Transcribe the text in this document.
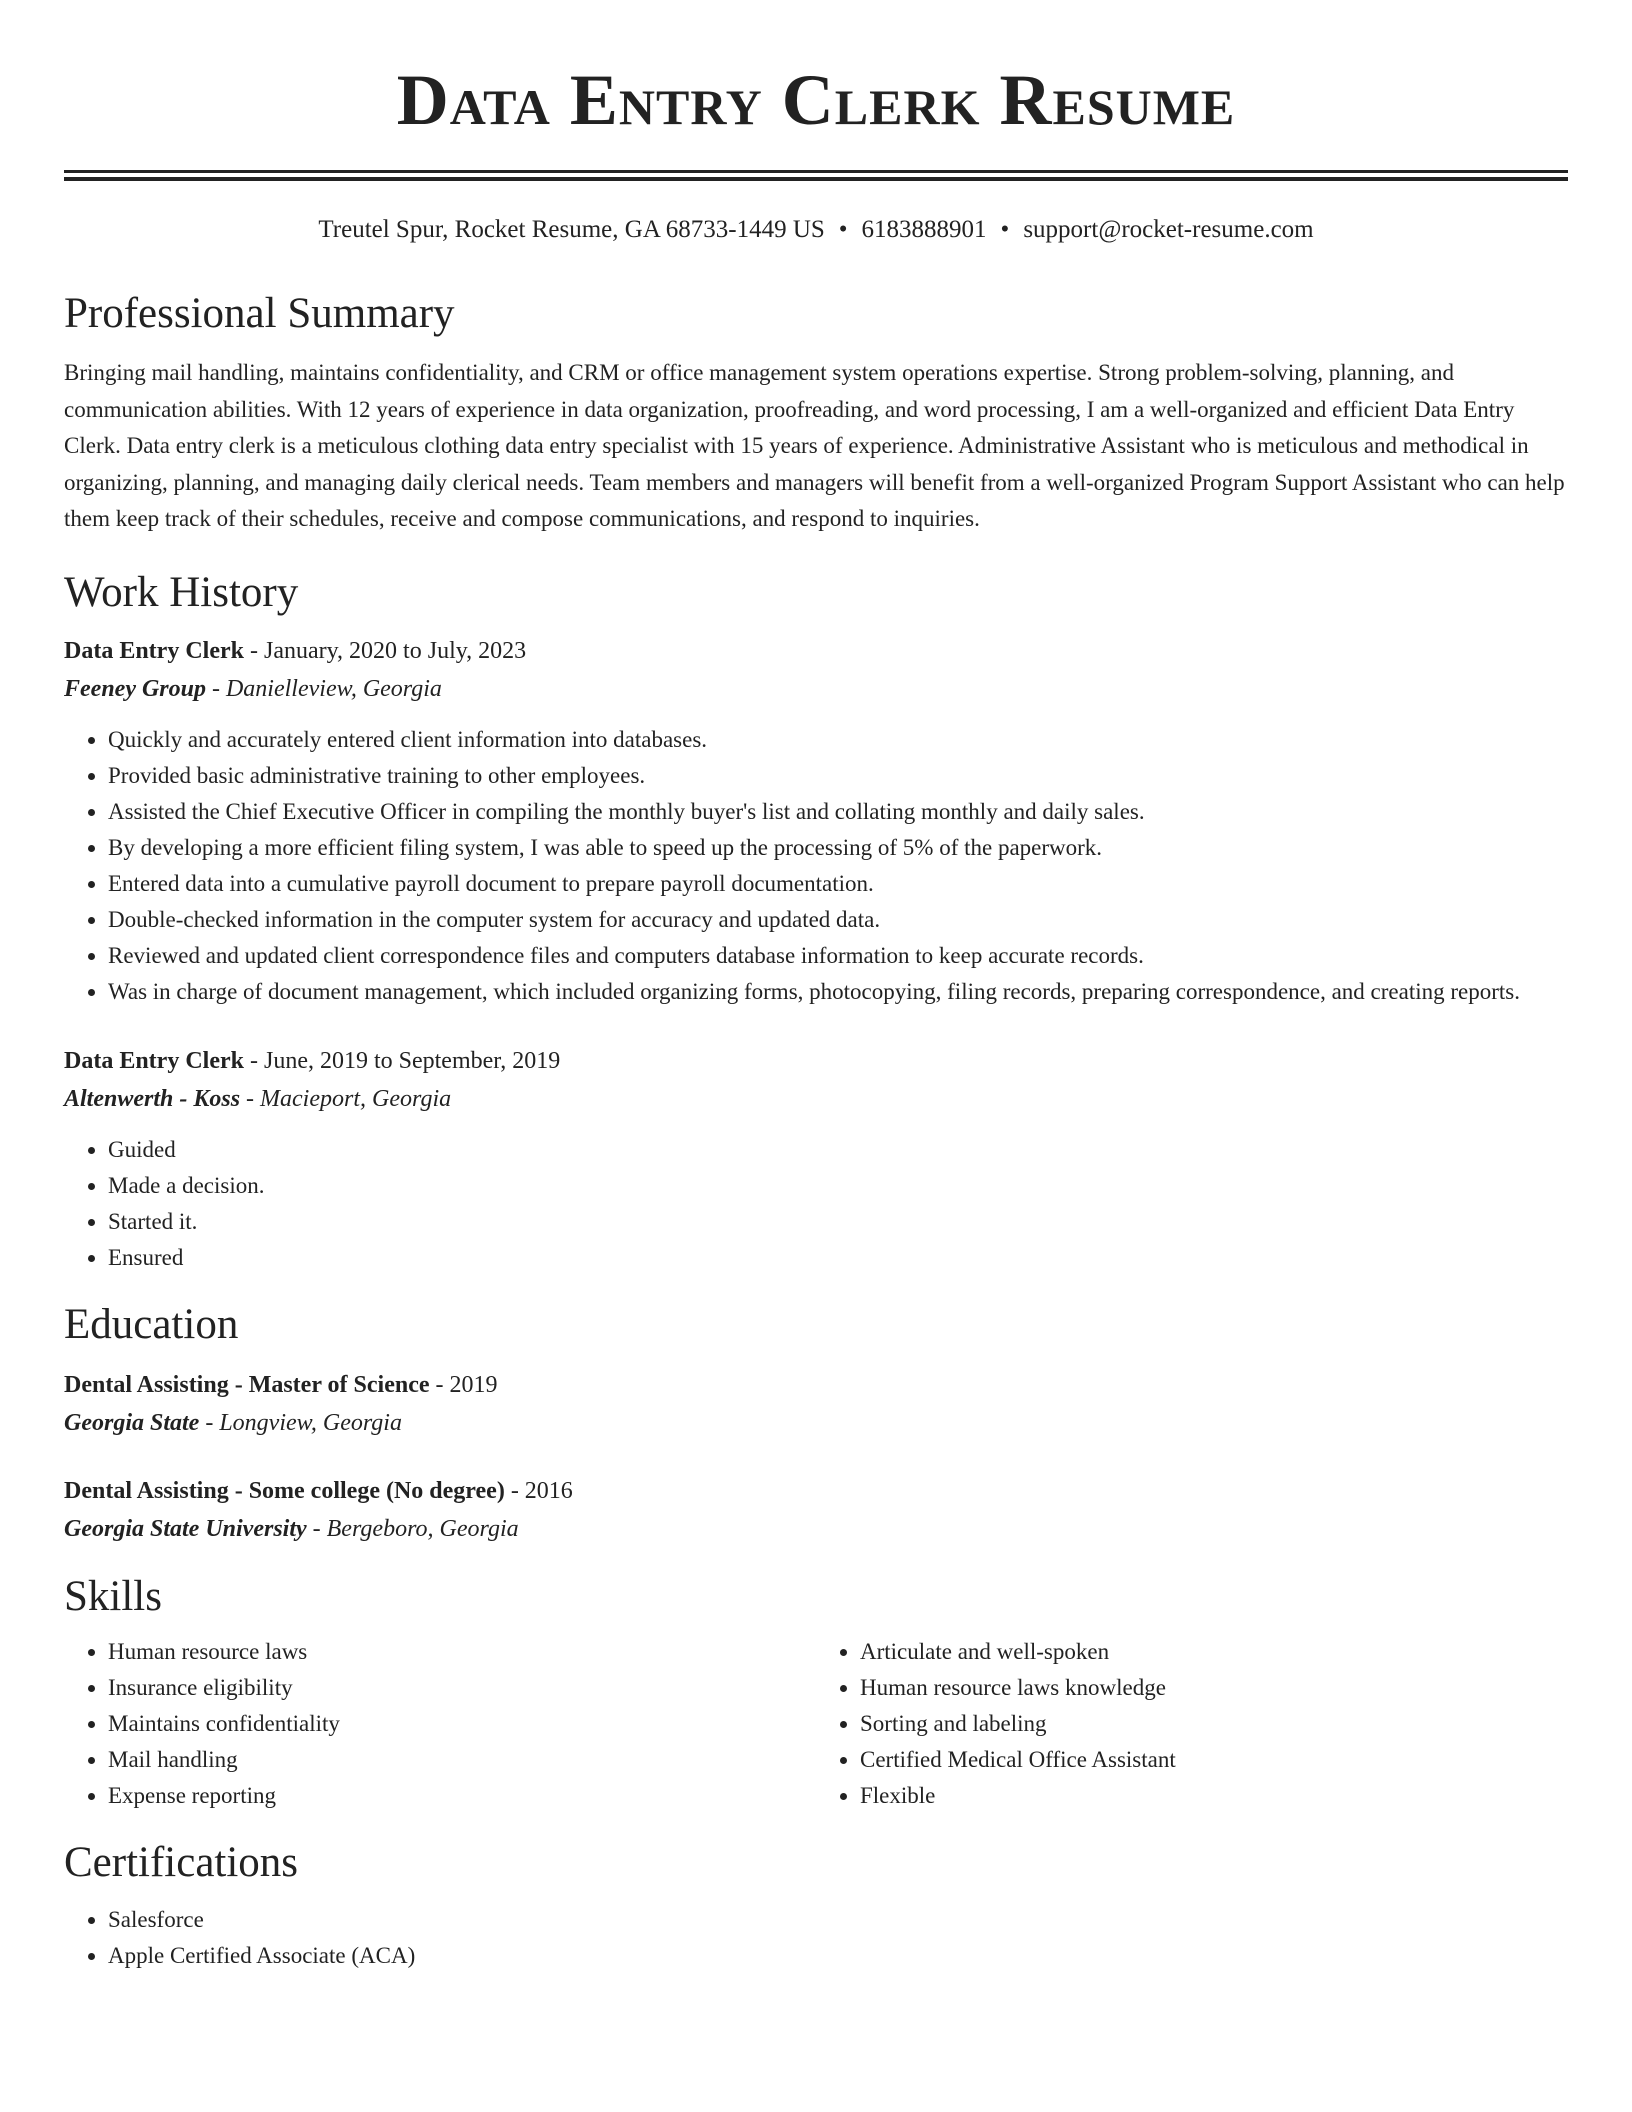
Data Entry Clerk Resume
Treutel Spur, Rocket Resume, GA 68733-1449 US • 6183888901 • support@rocket-resume.com
Professional Summary

Bringing mail handling, maintains confidentiality, and CRM or office management system operations expertise. Strong problem-solving, planning, and communication abilities. With 12 years of experience in data organization, proofreading, and word processing, I am a well-organized and efficient Data Entry Clerk. Data entry clerk is a meticulous clothing data entry specialist with 15 years of experience. Administrative Assistant who is meticulous and methodical in organizing, planning, and managing daily clerical needs. Team members and managers will benefit from a well-organized Program Support Assistant who can help them keep track of their schedules, receive and compose communications, and respond to inquiries.

Work History
Data Entry Clerk - January, 2020 to July, 2023
Feeney Group - Danielleview, Georgia
• Quickly and accurately entered client information into databases.
• Provided basic administrative training to other employees.
• Assisted the Chief Executive Officer in compiling the monthly buyer's list and collating monthly and daily sales.
• By developing a more efficient filing system, I was able to speed up the processing of 5% of the paperwork.
• Entered data into a cumulative payroll document to prepare payroll documentation.
• Double-checked information in the computer system for accuracy and updated data.
• Reviewed and updated client correspondence files and computers database information to keep accurate records.
• Was in charge of document management, which included organizing forms, photocopying, filing records, preparing correspondence, and creating reports.
Data Entry Clerk - June, 2019 to September, 2019
Altenwerth - Koss - Macieport, Georgia
• Guided
• Made a decision.
• Started it.
• Ensured
Education
Dental Assisting - Master of Science - 2019
Georgia State - Longview, Georgia
Dental Assisting - Some college (No degree) - 2016
Georgia State University - Bergeboro, Georgia
Skills
• Human resource laws
• Insurance eligibility
• Maintains confidentiality
• Mail handling
• Expense reporting
• Articulate and well-spoken
• Human resource laws knowledge
• Sorting and labeling
• Certified Medical Office Assistant
• Flexible
Certifications
• Salesforce
• Apple Certified Associate (ACA)
